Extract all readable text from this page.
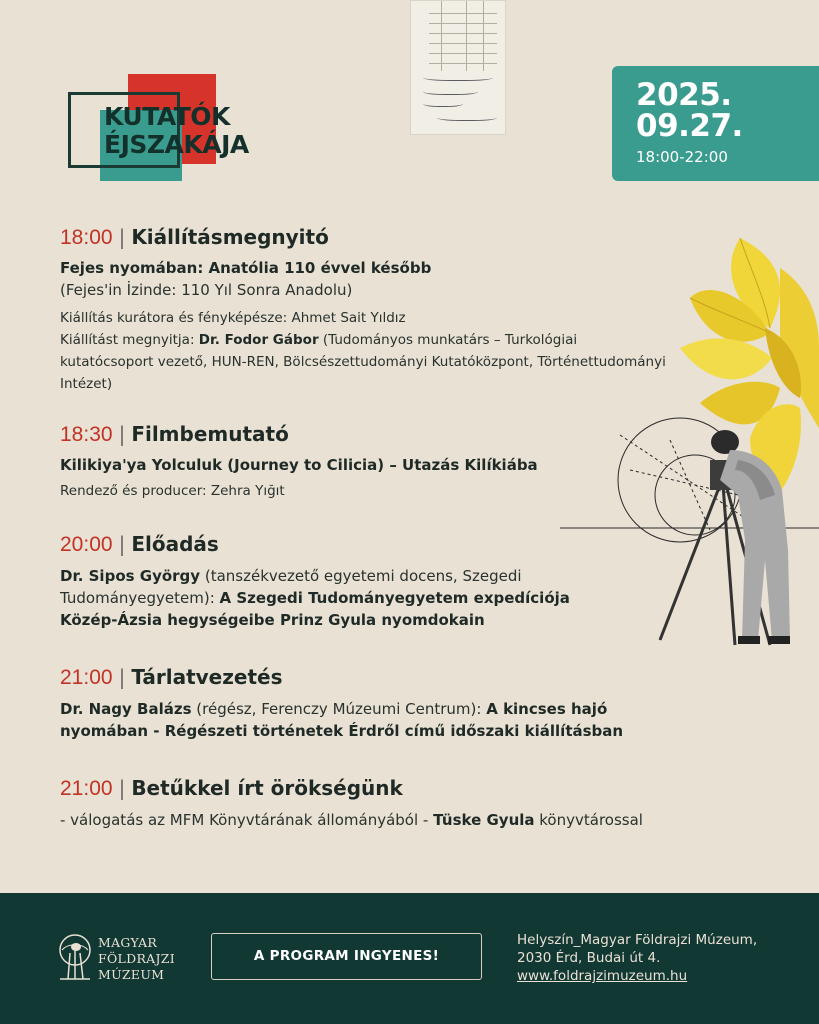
KUTATÓK
ÉJSZAKÁJA
2025.
09.27.
18:00-22:00
18:00 | Kiállításmegnyitó
Fejes nyomában: Anatólia 110 évvel később
(Fejes'in İzinde: 110 Yıl Sonra Anadolu)
Kiállítás kurátora és fényképésze: Ahmet Sait Yıldız
Kiállítást megnyitja: Dr. Fodor Gábor (Tudományos munkatárs – Turkológiai kutatócsoport vezető, HUN-REN, Bölcsészettudományi Kutatóközpont, Történettudományi Intézet)
18:30 | Filmbemutató
Kilikiya'ya Yolculuk (Journey to Cilicia) – Utazás Kilíkiába
Rendező és producer: Zehra Yığıt
20:00 | Előadás
Dr. Sipos György (tanszékvezető egyetemi docens, Szegedi Tudományegyetem): A Szegedi Tudományegyetem expedíciója Közép-Ázsia hegységeibe Prinz Gyula nyomdokain
21:00 | Tárlatvezetés
Dr. Nagy Balázs (régész, Ferenczy Múzeumi Centrum): A kincses hajó nyomában - Régészeti történetek Érdről című időszaki kiállításban
21:00 | Betűkkel írt örökségünk
- válogatás az MFM Könyvtárának állományából - Tüske Gyula könyvtárossal
MAGYAR
FÖLDRAJZI
MÚZEUM
A PROGRAM INGYENES!
Helyszín_Magyar Földrajzi Múzeum,
2030 Érd, Budai út 4.
www.foldrajzimuzeum.hu
